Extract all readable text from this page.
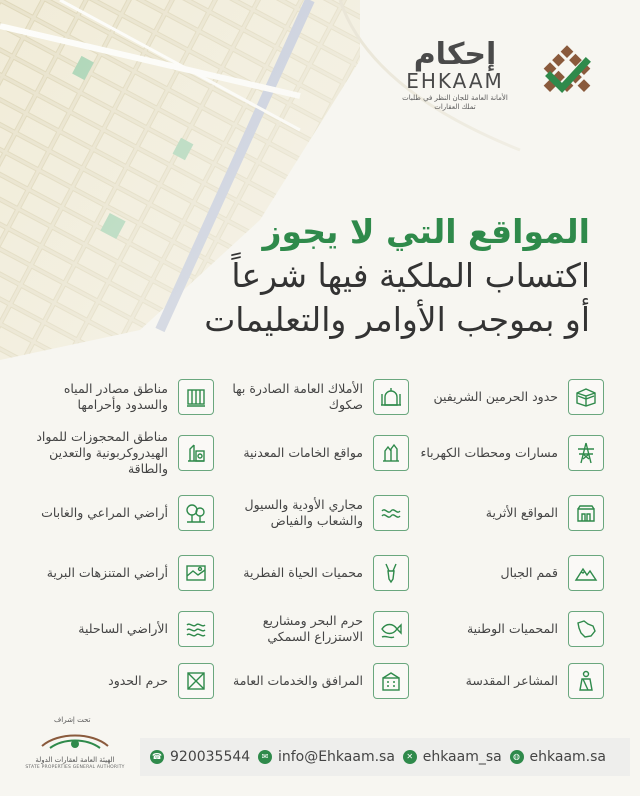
إحكام
EHKAAM
الأمانة العامة للجان النظر في طلبات تملك العقارات
المواقع التي لا يجوز
اكتساب الملكية فيها شرعاً
أو بموجب الأوامر والتعليمات
حدود الحرمين الشريفين
الأملاك العامة الصادرة بها صكوك
مناطق مصادر المياه والسدود وأحرامها
مسارات ومحطات الكهرباء
مواقع الخامات المعدنية
مناطق المحجوزات للمواد الهيدروكربونية والتعدين والطاقة
المواقع الأثرية
مجاري الأودية والسيول والشعاب والفياض
أراضي المراعي والغابات
قمم الجبال
محميات الحياة الفطرية
أراضي المتنزهات البرية
المحميات الوطنية
حرم البحر ومشاريع الاستزراع السمكي
الأراضي الساحلية
المشاعر المقدسة
المرافق والخدمات العامة
حرم الحدود
تحت إشراف
الهيئة العامة لعقارات الدولة
STATE PROPERTIES GENERAL AUTHORITY
☎ 920035544	✉ info@Ehkaam.sa	✕ ehkaam_sa	◍ ehkaam.sa
